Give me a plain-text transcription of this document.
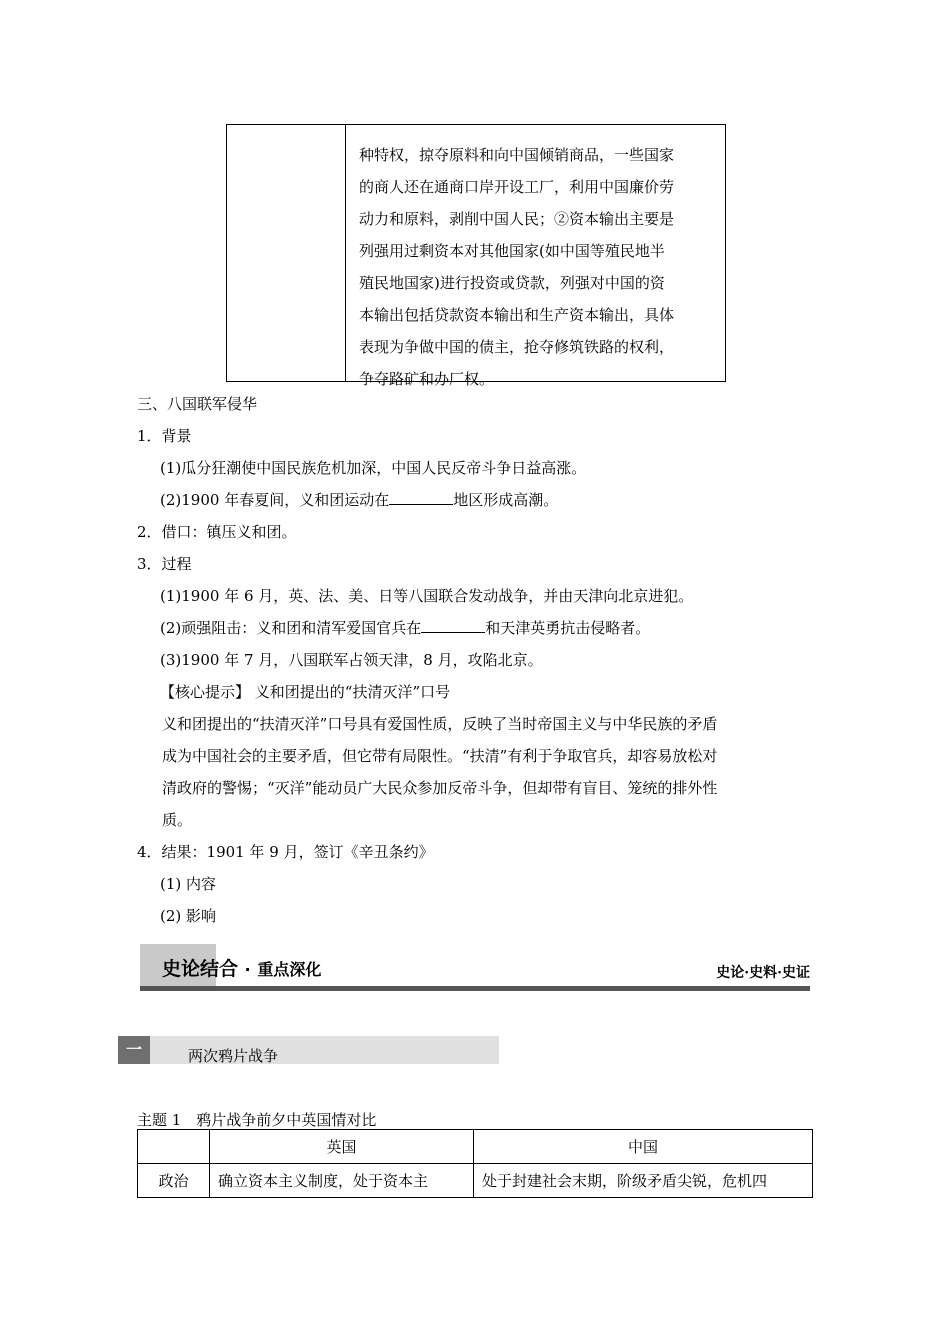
种特权，掠夺原料和向中国倾销商品，一些国家
的商人还在通商口岸开设工厂，利用中国廉价劳
动力和原料，剥削中国人民；②资本输出主要是
列强用过剩资本对其他国家(如中国等殖民地半
殖民地国家)进行投资或贷款，列强对中国的资
本输出包括贷款资本输出和生产资本输出，具体
表现为争做中国的债主，抢夺修筑铁路的权利，
争夺路矿和办厂权。
三、八国联军侵华
1．背景
(1)瓜分狂潮使中国民族危机加深，中国人民反帝斗争日益高涨。
(2)1900 年春夏间，义和团运动在	地区形成高潮。
2．借口：镇压义和团。
3．过程
(1)1900 年 6 月，英、法、美、日等八国联合发动战争，并由天津向北京进犯。
(2)顽强阻击：义和团和清军爱国官兵在	和天津英勇抗击侵略者。
(3)1900 年 7 月，八国联军占领天津，8 月，攻陷北京。
【核心提示】 义和团提出的“扶清灭洋”口号
义和团提出的“扶清灭洋”口号具有爱国性质，反映了当时帝国主义与中华民族的矛盾
成为中国社会的主要矛盾，但它带有局限性。“扶清”有利于争取官兵，却容易放松对
清政府的警惕；“灭洋”能动员广大民众参加反帝斗争，但却带有盲目、笼统的排外性
质。
4．结果：1901 年 9 月，签订《辛丑条约》
(1) 内容
(2) 影响
史论结合 · 重点深化	史论·史料·史证
一	两次鸦片战争
主题 1　鸦片战争前夕中英国情对比
	英国	中国
政治	确立资本主义制度，处于资本主	处于封建社会末期，阶级矛盾尖锐，危机四
